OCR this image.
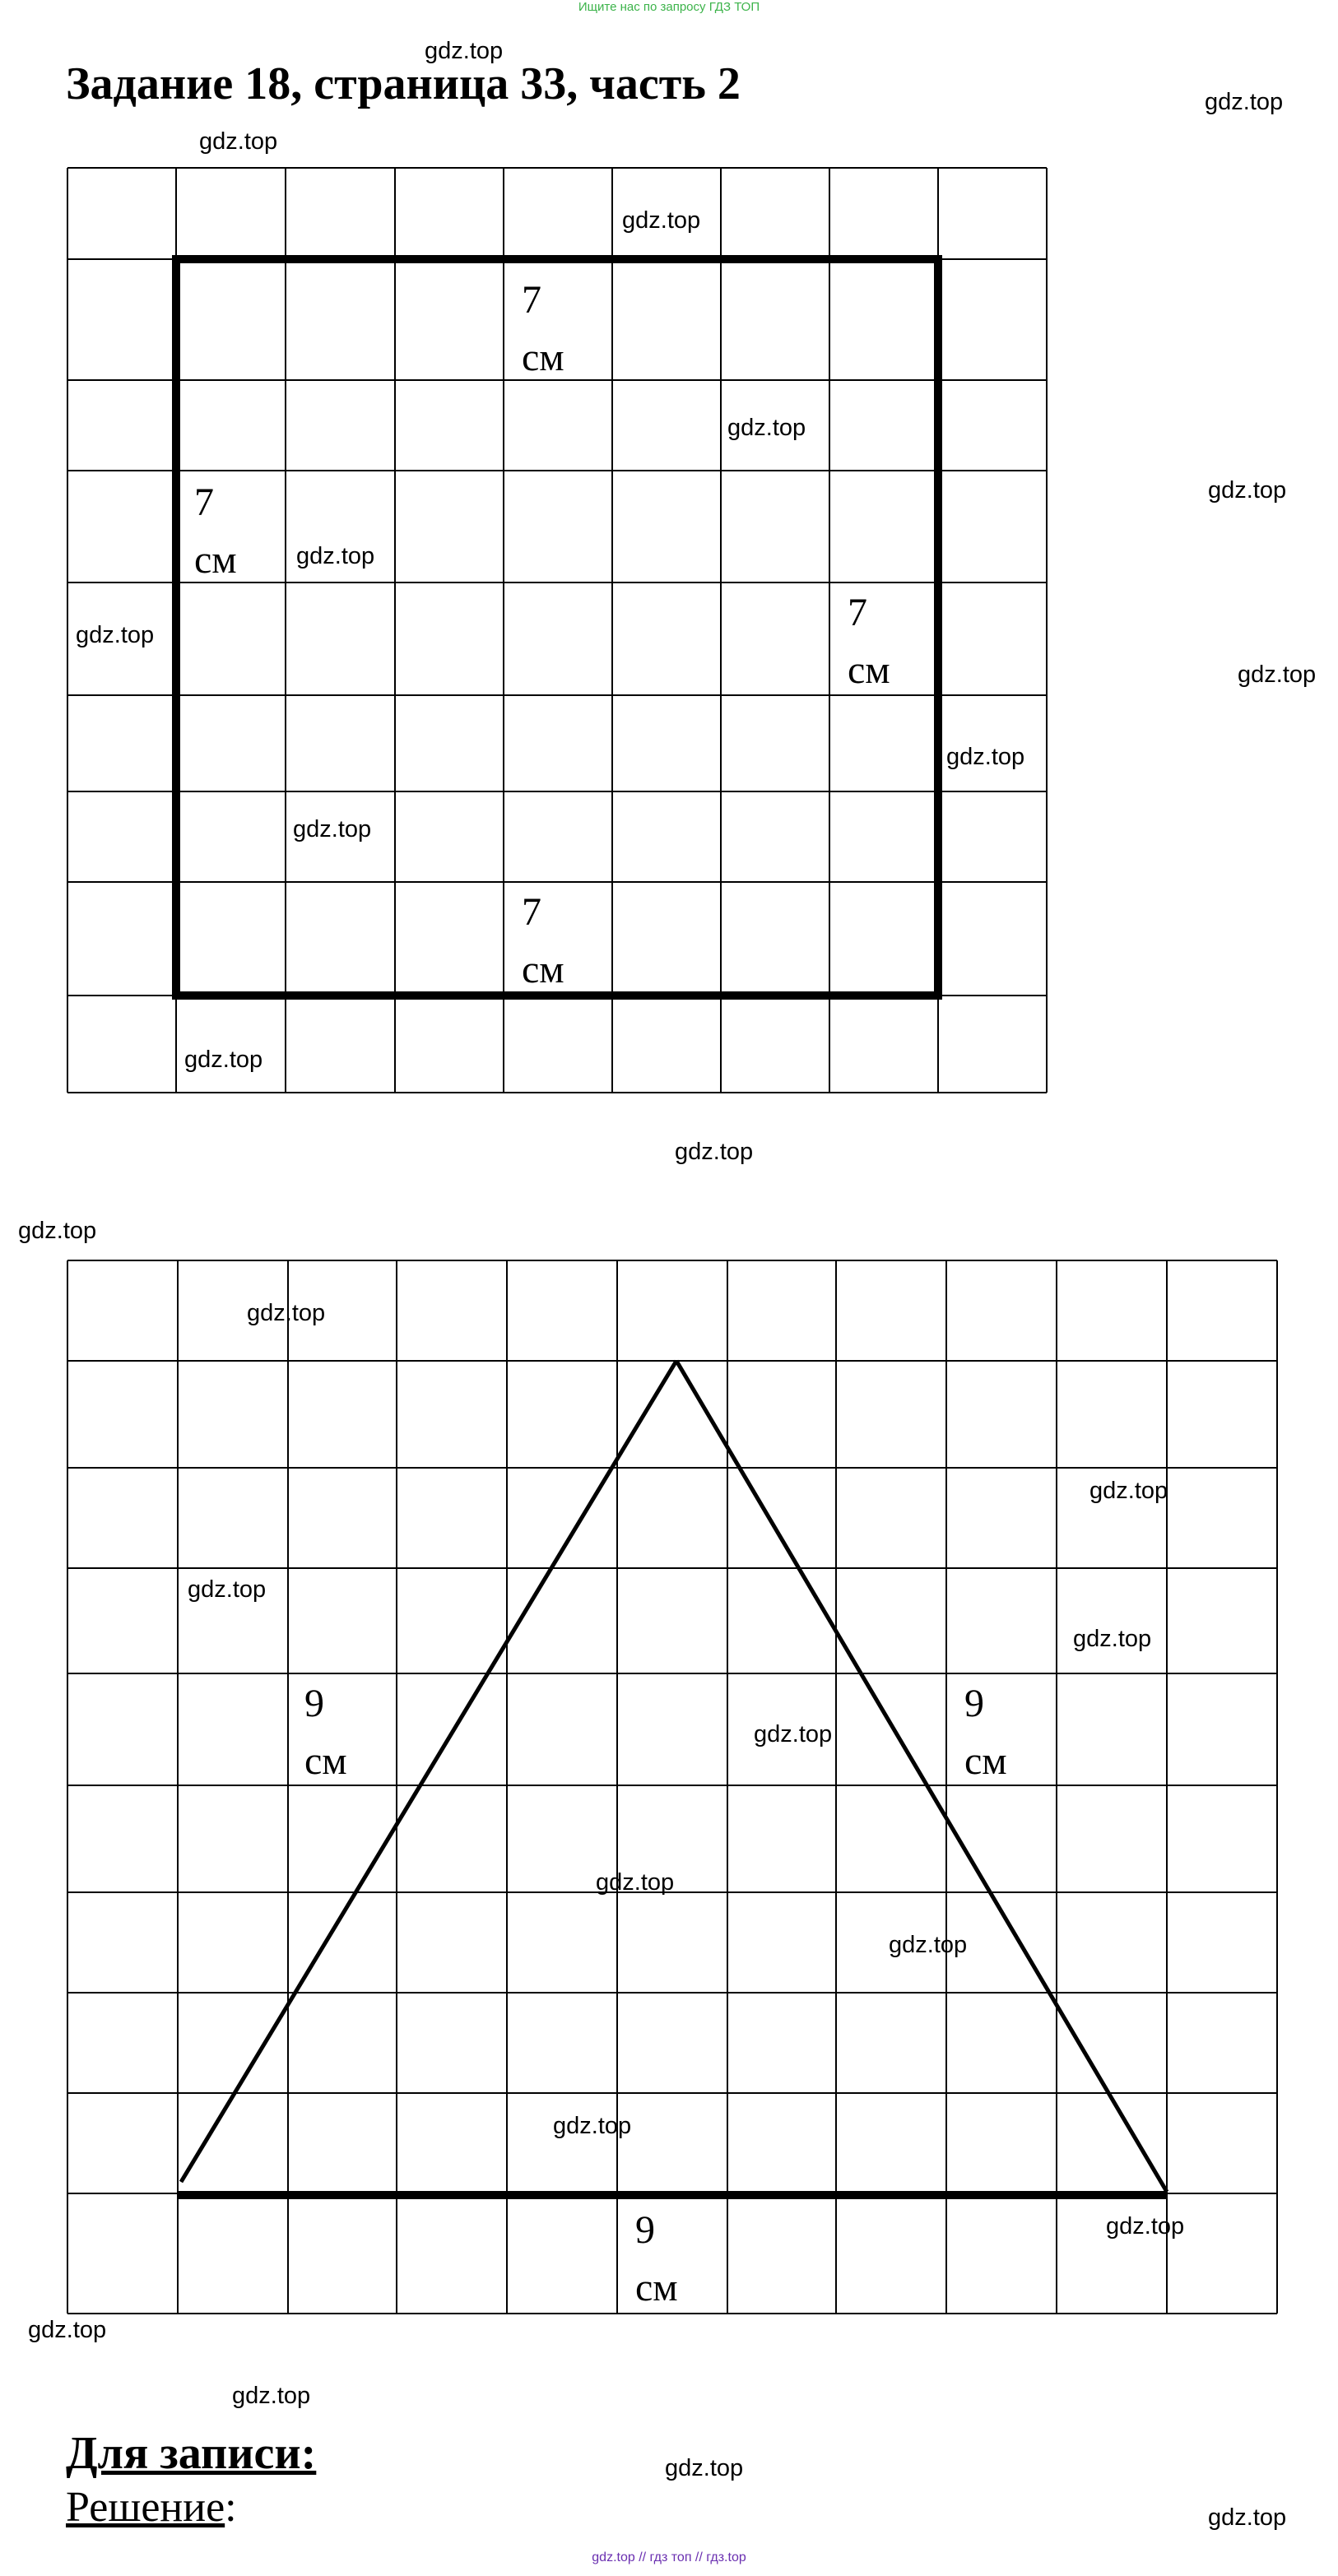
Ищите нас по запросу ГДЗ ТОП
Задание 18, страница 33, часть 2
7
см
7
см
7
см
7
см
9
см
9
см
9
см
gdz.top
gdz.top
gdz.top
gdz.top
gdz.top
gdz.top
gdz.top
gdz.top
gdz.top
gdz.top
gdz.top
gdz.top
gdz.top
gdz.top
gdz.top
gdz.top
gdz.top
gdz.top
gdz.top
gdz.top
gdz.top
gdz.top
gdz.top
gdz.top
gdz.top
gdz.top
gdz.top
Для записи:
Решение:
gdz.top // гдз топ // гдз.top
